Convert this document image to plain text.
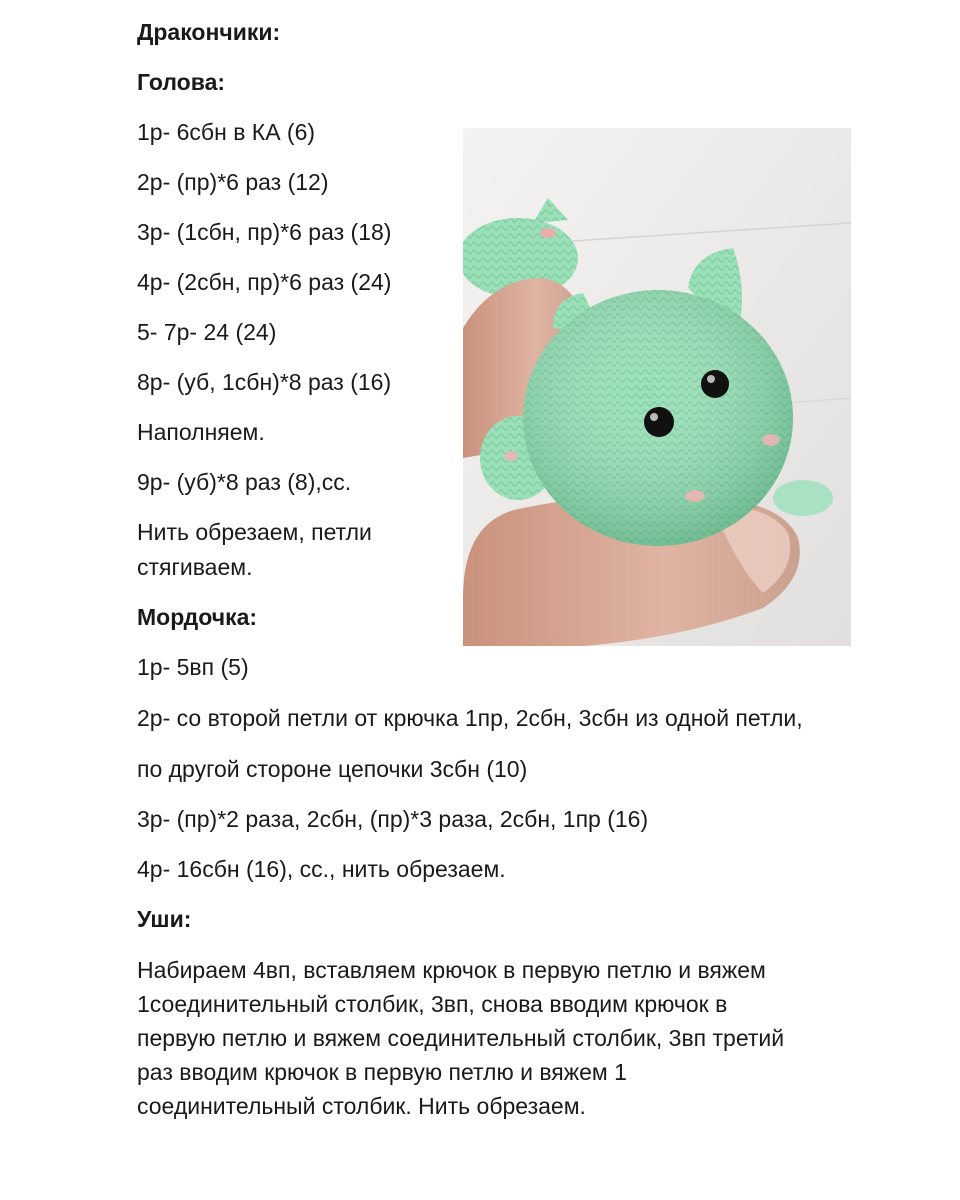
Дракончики:
Голова:
1р- 6сбн в КА (6)
2р- (пр)*6 раз (12)
3р- (1сбн, пр)*6 раз (18)
4р- (2сбн, пр)*6 раз (24)
5- 7р- 24 (24)
8р- (уб, 1сбн)*8 раз (16)
Наполняем.
9р- (уб)*8 раз (8),сс.
Нить обрезаем, петли
стягиваем.
Мордочка:
1р- 5вп (5)
2р- со второй петли от крючка 1пр, 2сбн, 3сбн из одной петли,
по другой стороне цепочки 3сбн (10)
3р- (пр)*2 раза, 2сбн, (пр)*3 раза, 2сбн, 1пр (16)
4р- 16сбн (16), сс., нить обрезаем.
Уши:

Набираем 4вп, вставляем крючок в первую петлю и вяжем

1соединительный столбик, 3вп, снова вводим крючок в

первую петлю и вяжем соединительный столбик, 3вп третий

раз вводим крючок в первую петлю и вяжем 1

соединительный столбик. Нить обрезаем.
